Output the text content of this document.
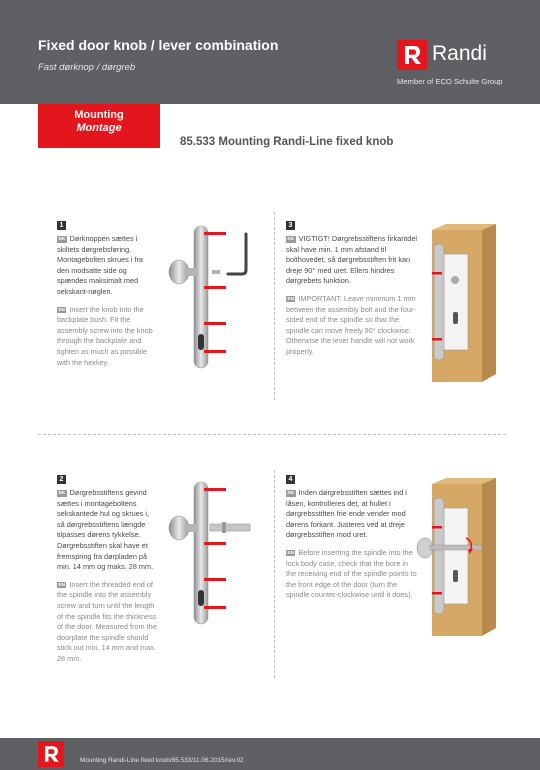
Fixed door knob / lever combination
Fast dørknop / dørgreb
Randi
Member of ECO Schulte Group
Mounting
Montage
85.533 Mounting Randi-Line fixed knob
1
DK Dørknoppen sættes i skiltets dørgrebsføring. Montagebolten skrues i fra den modsatte side og spændes maksimalt med sekskant-nøglen.
EN Insert the knob into the backplate bush. Fit the assembly screw into the knob through the backplate and tighten as much as possible with the hexkey.
2
DK Dørgrebsstiftens gevind sættes i montageboltens sekskantede hul og skrues i, så dørgrebsstiftens længde tilpasses dørens tykkelse. Dørgrebsstiften skal have et fremspring fra dørpladen på min. 14 mm og maks. 28 mm.
EN Insert the threaded end of the spindle into the assembly screw and turn until the length of the spindle fits the thickness of the door. Measured from the doorplate the spindle should stick out min. 14 mm and max. 28 mm.
3
DK VIGTIGT! Dørgrebsstiftens firkantdel skal have min. 1 mm afstand til bolthovedet, så dørgrebsstiften frit kan dreje 90° med uret. Ellers hindres dørgrebets funktion.
EN IMPORTANT: Leave minimum 1 mm between the assembly bolt and the four-sided end of the spindle so that the spindle can move freely 90° clockwise. Otherwise the lever handle will not work properly.
4
DK Inden dørgrebsstiften sættes ind i låsen, kontrolleres det, at hullet i dørgrebsstiften frie ende vender mod dørens forkant. Justeres ved at dreje dørgrebsstiften mod uret.
EN Before inserting the spindle into the lock body case, check that the bore in the receiving end of the spindle points to the front edge of the door (turn the spindle counter-clockwise until it does).
Mounting Randi-Line fixed knob/85.533/11.06.2015/rev.02
